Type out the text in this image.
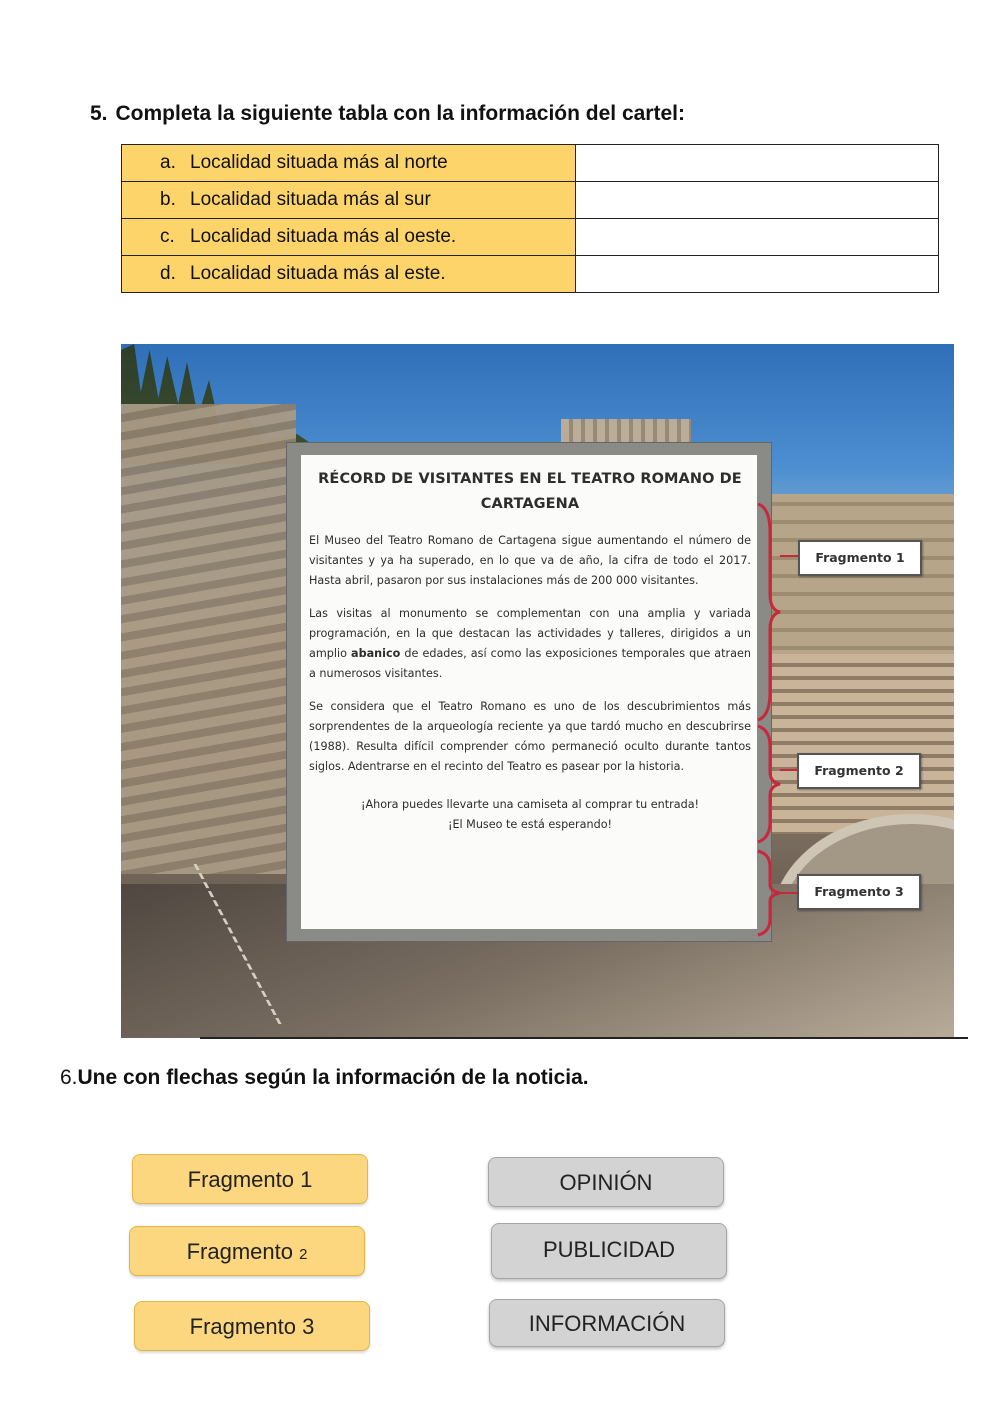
5. Completa la siguiente tabla con la información del cartel:
a. Localidad situada más al norte	
b. Localidad situada más al sur	
c. Localidad situada más al oeste.	
d. Localidad situada más al este.	
RÉCORD DE VISITANTES EN EL TEATRO ROMANO DE
CARTAGENA

El Museo del Teatro Romano de Cartagena sigue aumentando el número de visitantes y ya ha superado, en lo que va de año, la cifra de todo el 2017. Hasta abril, pasaron por sus instalaciones más de 200 000 visitantes.

Las visitas al monumento se complementan con una amplia y variada programación, en la que destacan las actividades y talleres, dirigidos a un amplio abanico de edades, así como las exposiciones temporales que atraen a numerosos visitantes.

Se considera que el Teatro Romano es uno de los descubrimientos más sorprendentes de la arqueología reciente ya que tardó mucho en descubrirse (1988). Resulta difícil comprender cómo permaneció oculto durante tantos siglos. Adentrarse en el recinto del Teatro es pasear por la historia.

¡Ahora puedes llevarte una camiseta al comprar tu entrada!
¡El Museo te está esperando!
Fragmento 1
Fragmento 2
Fragmento 3
6.Une con flechas según la información de la noticia.
Fragmento 1
Fragmento 2
Fragmento 3
OPINIÓN
PUBLICIDAD
INFORMACIÓN
